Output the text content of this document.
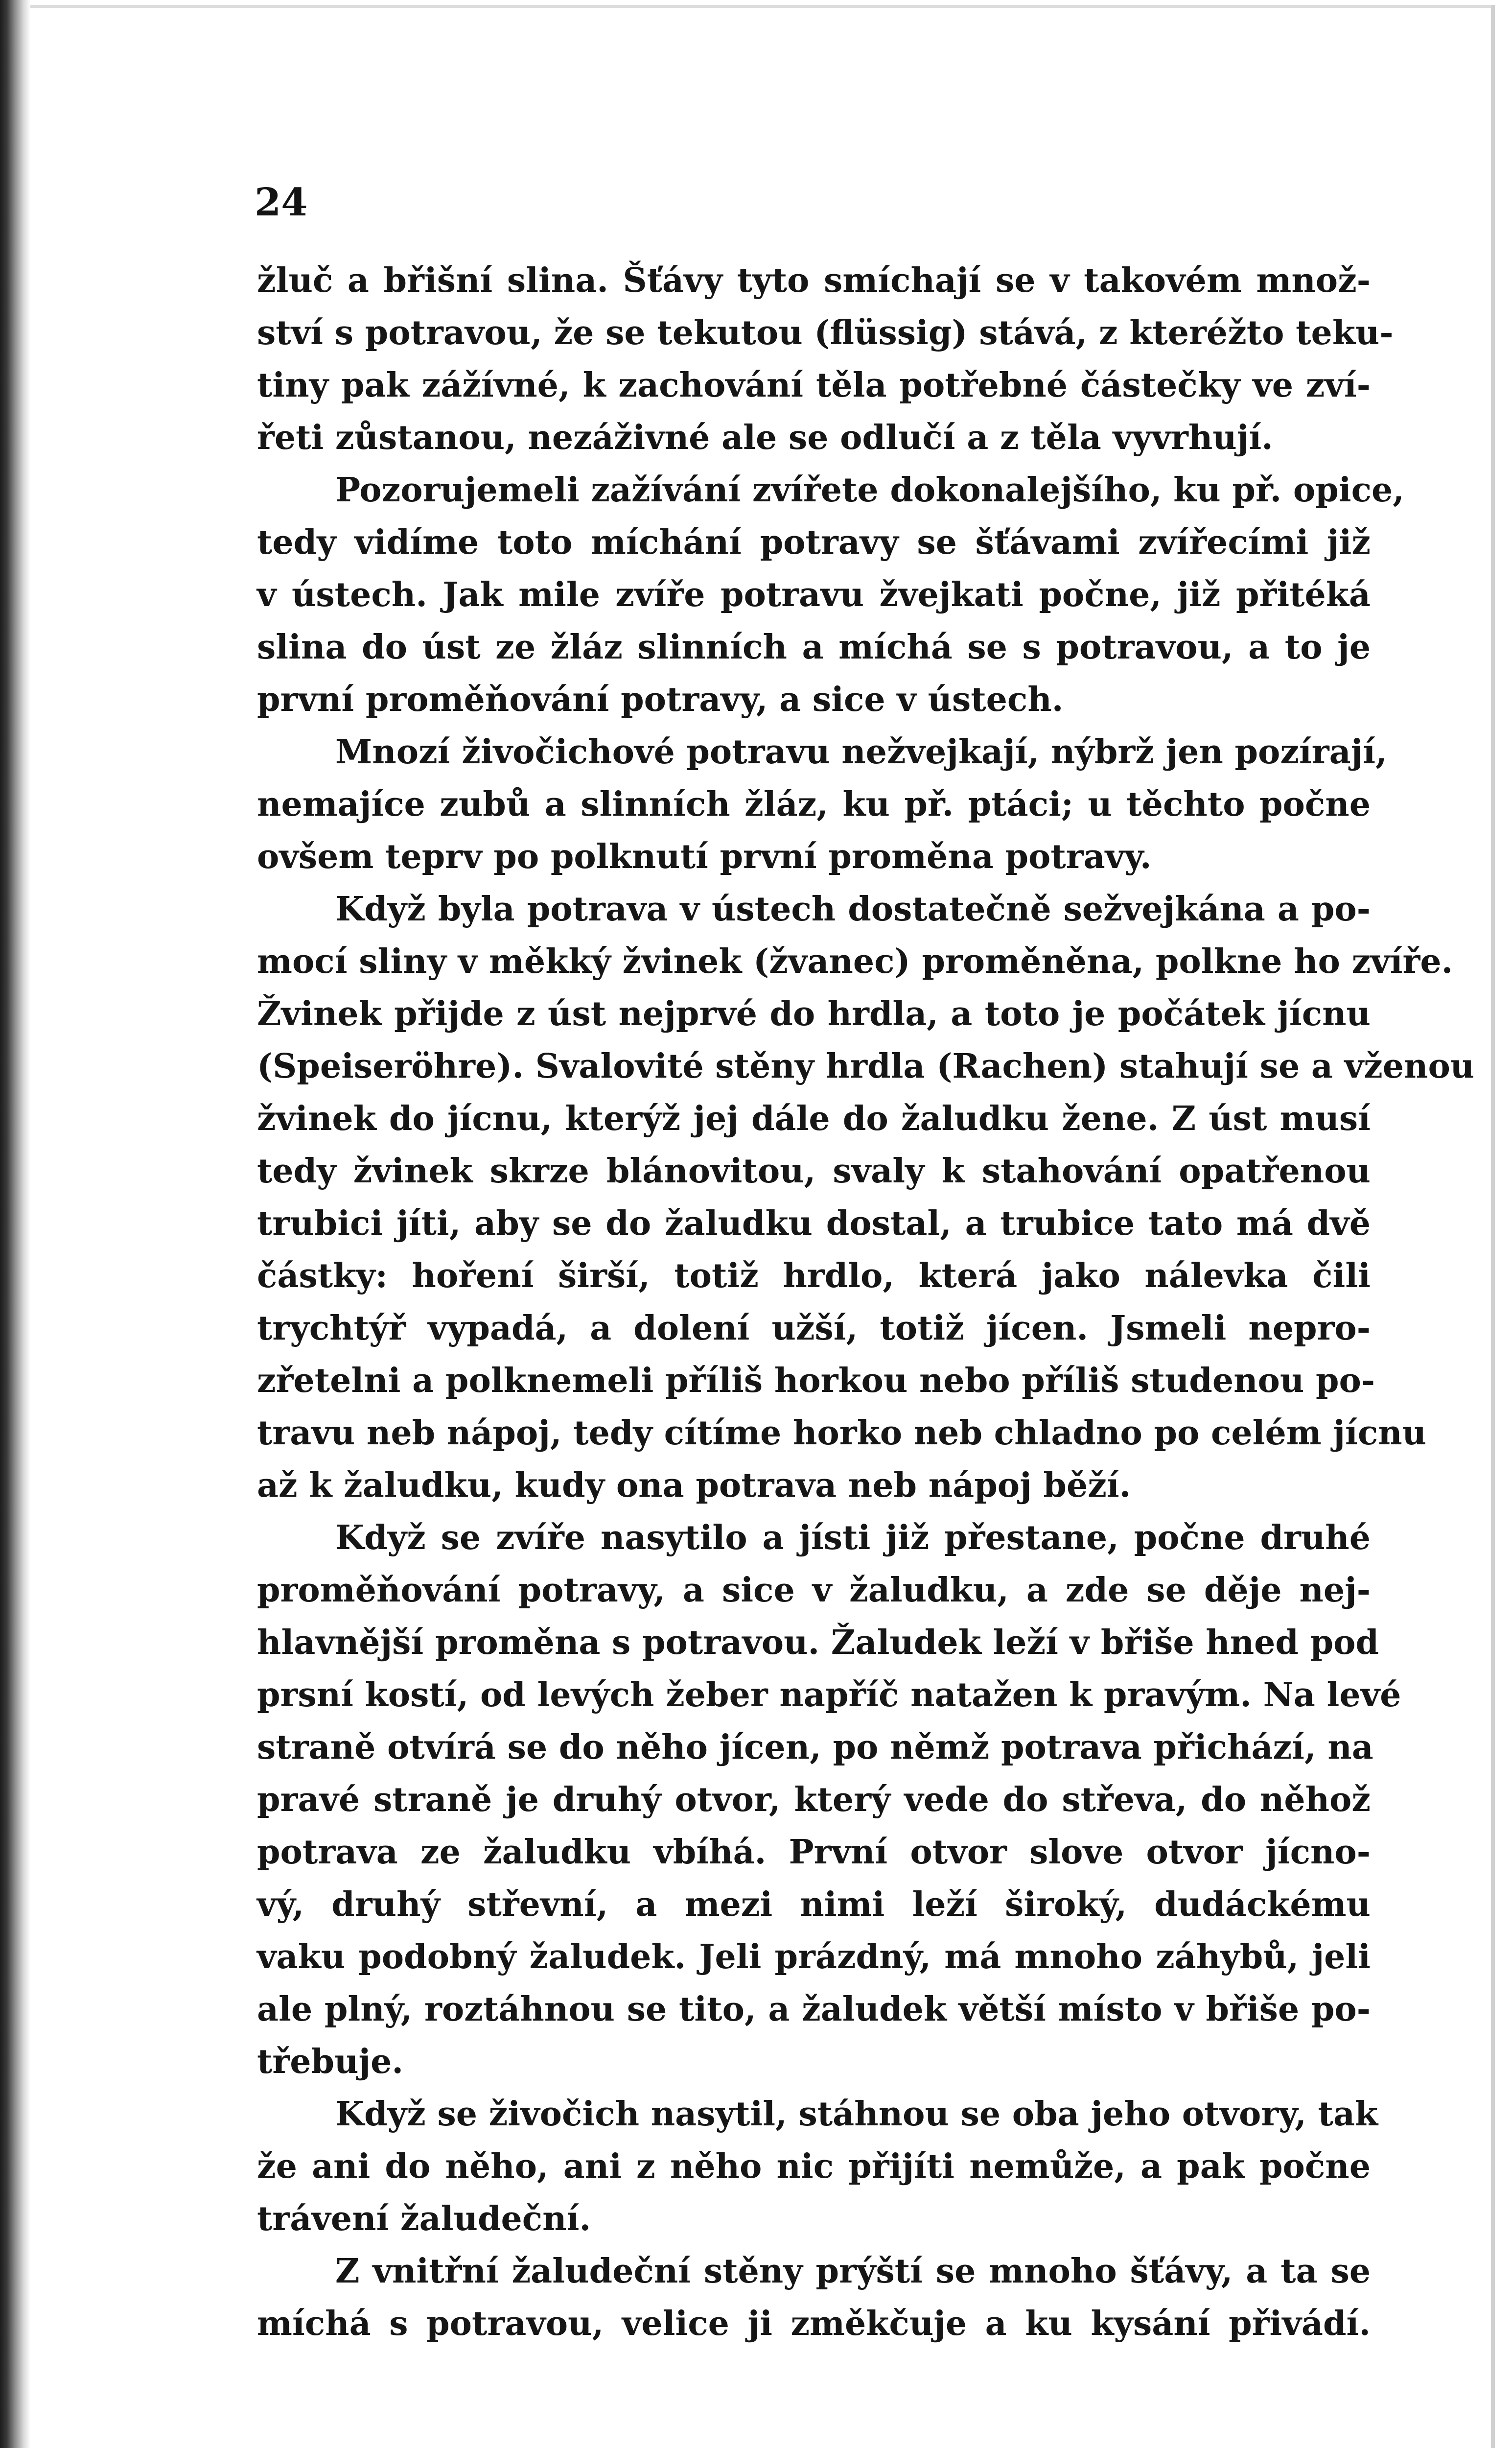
24
žluč a břišní slina. Šťávy tyto smíchají se v takovém množ-
ství s potravou, že se tekutou (flüssig) stává, z kteréžto teku-
tiny pak zážívné, k zachování těla potřebné částečky ve zví-
řeti zůstanou, nezáživné ale se odlučí a z těla vyvrhují.
Pozorujemeli zažívání zvířete dokonalejšího, ku př. opice,
tedy vidíme toto míchání potravy se šťávami zvířecími již
v ústech. Jak mile zvíře potravu žvejkati počne, již přitéká
slina do úst ze žláz slinních a míchá se s potravou, a to je
první proměňování potravy, a sice v ústech.
Mnozí živočichové potravu nežvejkají, nýbrž jen pozírají,
nemajíce zubů a slinních žláz, ku př. ptáci; u těchto počne
ovšem teprv po polknutí první proměna potravy.
Když byla potrava v ústech dostatečně sežvejkána a po-
mocí sliny v měkký žvinek (žvanec) proměněna, polkne ho zvíře.
Žvinek přijde z úst nejprvé do hrdla, a toto je počátek jícnu
(Speiseröhre). Svalovité stěny hrdla (Rachen) stahují se a vženou
žvinek do jícnu, kterýž jej dále do žaludku žene. Z úst musí
tedy žvinek skrze blánovitou, svaly k stahování opatřenou
trubici jíti, aby se do žaludku dostal, a trubice tato má dvě
částky: hoření širší, totiž hrdlo, která jako nálevka čili
trychtýř vypadá, a dolení užší, totiž jícen. Jsmeli nepro-
zřetelni a polknemeli příliš horkou nebo příliš studenou po-
travu neb nápoj, tedy cítíme horko neb chladno po celém jícnu
až k žaludku, kudy ona potrava neb nápoj běží.
Když se zvíře nasytilo a jísti již přestane, počne druhé
proměňování potravy, a sice v žaludku, a zde se děje nej-
hlavnější proměna s potravou. Žaludek leží v břiše hned pod
prsní kostí, od levých žeber napříč natažen k pravým. Na levé
straně otvírá se do něho jícen, po němž potrava přichází, na
pravé straně je druhý otvor, který vede do střeva, do něhož
potrava ze žaludku vbíhá. První otvor slove otvor jícno-
vý, druhý střevní, a mezi nimi leží široký, dudáckému
vaku podobný žaludek. Jeli prázdný, má mnoho záhybů, jeli
ale plný, roztáhnou se tito, a žaludek větší místo v břiše po-
třebuje.
Když se živočich nasytil, stáhnou se oba jeho otvory, tak
že ani do něho, ani z něho nic přijíti nemůže, a pak počne
trávení žaludeční.
Z vnitřní žaludeční stěny prýští se mnoho šťávy, a ta se
míchá s potravou, velice ji změkčuje a ku kysání přivádí.
